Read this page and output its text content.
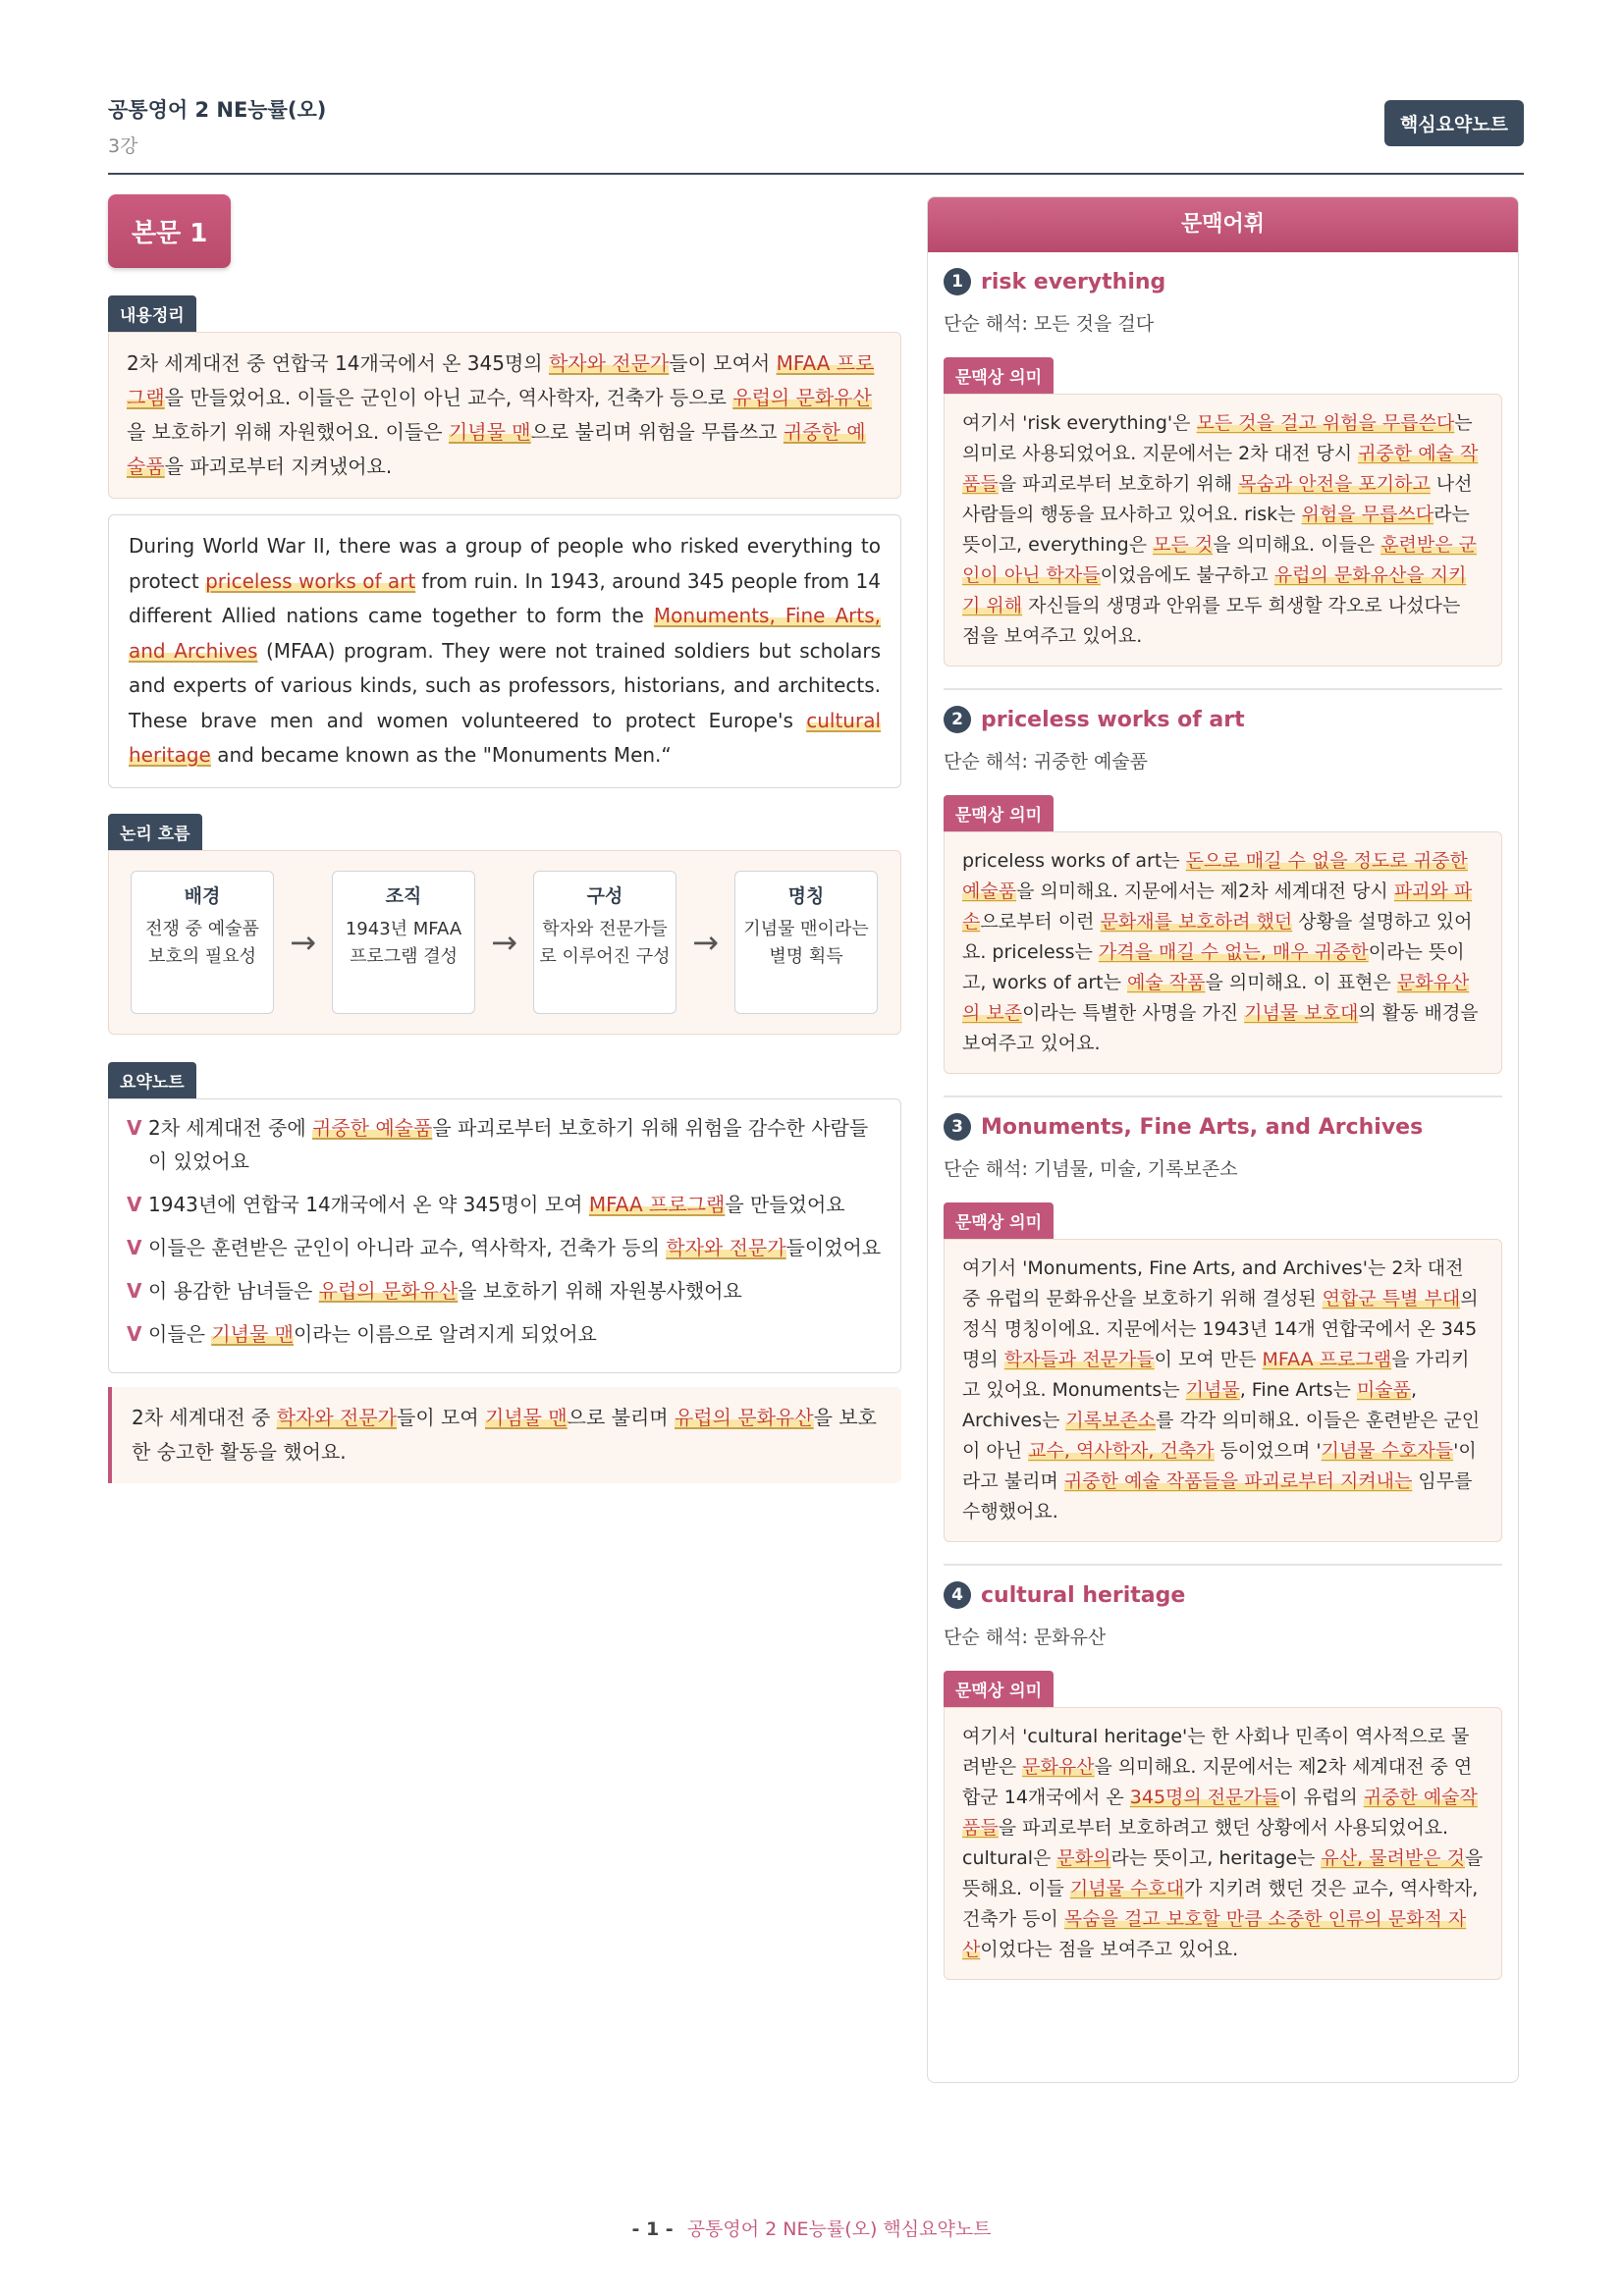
공통영어 2 NE능률(오)
3강
핵심요약노트
본문 1
내용정리
2차 세계대전 중 연합국 14개국에서 온 345명의 학자와 전문가들이 모여서 MFAA 프로그램을 만들었어요. 이들은 군인이 아닌 교수, 역사학자, 건축가 등으로 유럽의 문화유산을 보호하기 위해 자원했어요. 이들은 기념물 맨으로 불리며 위험을 무릅쓰고 귀중한 예술품을 파괴로부터 지켜냈어요.
During World War II, there was a group of people who risked everything to protect priceless works of art from ruin. In 1943, around 345 people from 14 different Allied nations came together to form the Monuments, Fine Arts, and Archives (MFAA) program. They were not trained soldiers but scholars and experts of various kinds, such as professors, historians, and architects. These brave men and women volunteered to protect Europe's cultural heritage and became known as the "Monuments Men.“
논리 흐름
배경
전쟁 중 예술품 보호의 필요성	→
조직
1943년 MFAA 프로그램 결성	→
구성
학자와 전문가들로 이루어진 구성 →
명칭
기념물 맨이라는 별명 획득
요약노트
V 2차 세계대전 중에 귀중한 예술품을 파괴로부터 보호하기 위해 위험을 감수한 사람들이 있었어요
V 1943년에 연합국 14개국에서 온 약 345명이 모여 MFAA 프로그램을 만들었어요
V 이들은 훈련받은 군인이 아니라 교수, 역사학자, 건축가 등의 학자와 전문가들이었어요
V 이 용감한 남녀들은 유럽의 문화유산을 보호하기 위해 자원봉사했어요
V 이들은 기념물 맨이라는 이름으로 알려지게 되었어요
2차 세계대전 중 학자와 전문가들이 모여 기념물 맨으로 불리며 유럽의 문화유산을 보호한 숭고한 활동을 했어요.
문맥어휘
1 risk everything
단순 해석: 모든 것을 걸다
문맥상 의미
여기서 'risk everything'은 모든 것을 걸고 위험을 무릅쓴다는 의미로 사용되었어요. 지문에서는 2차 대전 당시 귀중한 예술 작품들을 파괴로부터 보호하기 위해 목숨과 안전을 포기하고 나선 사람들의 행동을 묘사하고 있어요. risk는 위험을 무릅쓰다라는 뜻이고, everything은 모든 것을 의미해요. 이들은 훈련받은 군인이 아닌 학자들이었음에도 불구하고 유럽의 문화유산을 지키기 위해 자신들의 생명과 안위를 모두 희생할 각오로 나섰다는 점을 보여주고 있어요.
2 priceless works of art
단순 해석: 귀중한 예술품
문맥상 의미
priceless works of art는 돈으로 매길 수 없을 정도로 귀중한 예술품을 의미해요. 지문에서는 제2차 세계대전 당시 파괴와 파손으로부터 이런 문화재를 보호하려 했던 상황을 설명하고 있어요. priceless는 가격을 매길 수 없는, 매우 귀중한이라는 뜻이고, works of art는 예술 작품을 의미해요. 이 표현은 문화유산의 보존이라는 특별한 사명을 가진 기념물 보호대의 활동 배경을 보여주고 있어요.
3 Monuments, Fine Arts, and Archives
단순 해석: 기념물, 미술, 기록보존소
문맥상 의미
여기서 'Monuments, Fine Arts, and Archives'는 2차 대전 중 유럽의 문화유산을 보호하기 위해 결성된 연합군 특별 부대의 정식 명칭이에요. 지문에서는 1943년 14개 연합국에서 온 345명의 학자들과 전문가들이 모여 만든 MFAA 프로그램을 가리키고 있어요. Monuments는 기념물, Fine Arts는 미술품, Archives는 기록보존소를 각각 의미해요. 이들은 훈련받은 군인이 아닌 교수, 역사학자, 건축가 등이었으며 '기념물 수호자들'이라고 불리며 귀중한 예술 작품들을 파괴로부터 지켜내는 임무를 수행했어요.
4 cultural heritage
단순 해석: 문화유산
문맥상 의미
여기서 'cultural heritage'는 한 사회나 민족이 역사적으로 물려받은 문화유산을 의미해요. 지문에서는 제2차 세계대전 중 연합군 14개국에서 온 345명의 전문가들이 유럽의 귀중한 예술작품들을 파괴로부터 보호하려고 했던 상황에서 사용되었어요. cultural은 문화의라는 뜻이고, heritage는 유산, 물려받은 것을 뜻해요. 이들 기념물 수호대가 지키려 했던 것은 교수, 역사학자, 건축가 등이 목숨을 걸고 보호할 만큼 소중한 인류의 문화적 자산이었다는 점을 보여주고 있어요.
- 1 - 공통영어 2 NE능률(오) 핵심요약노트
